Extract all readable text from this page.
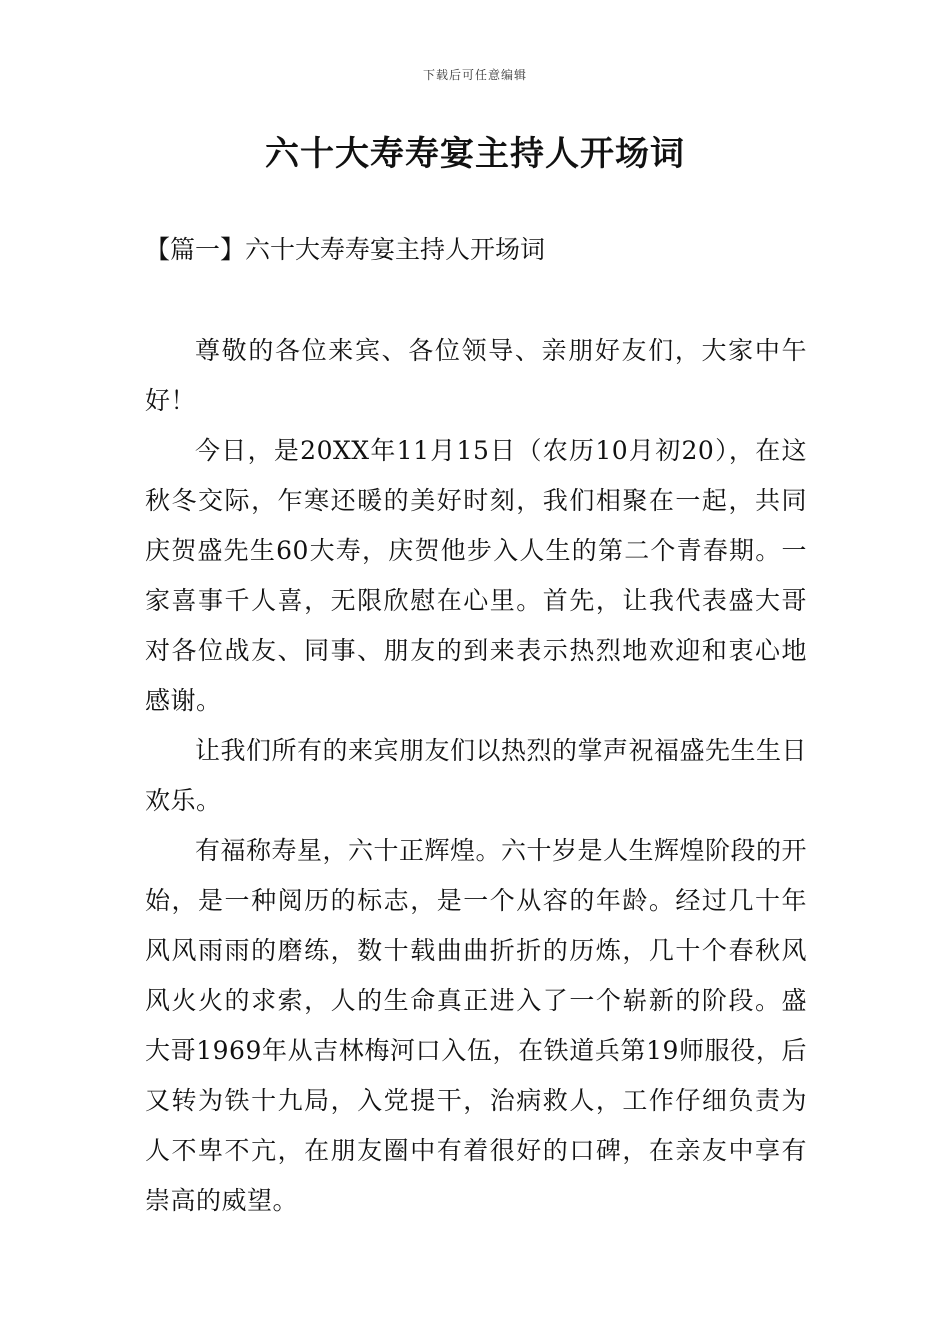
下载后可任意编辑
六十大寿寿宴主持人开场词
【篇一】六十大寿寿宴主持人开场词

尊敬的各位来宾、各位领导、亲朋好友们，大家中午好！

今日，是20XX年11月15日（农历10月初20），在这秋冬交际，乍寒还暖的美好时刻，我们相聚在一起，共同庆贺盛先生60大寿，庆贺他步入人生的第二个青春期。一家喜事千人喜，无限欣慰在心里。首先，让我代表盛大哥对各位战友、同事、朋友的到来表示热烈地欢迎和衷心地感谢。

让我们所有的来宾朋友们以热烈的掌声祝福盛先生生日欢乐。

有福称寿星，六十正辉煌。六十岁是人生辉煌阶段的开始，是一种阅历的标志，是一个从容的年龄。经过几十年风风雨雨的磨练，数十载曲曲折折的历炼，几十个春秋风风火火的求索，人的生命真正进入了一个崭新的阶段。盛大哥1969年从吉林梅河口入伍，在铁道兵第19师服役，后又转为铁十九局，入党提干，治病救人，工作仔细负责为人不卑不亢，在朋友圈中有着很好的口碑，在亲友中享有崇高的威望。
